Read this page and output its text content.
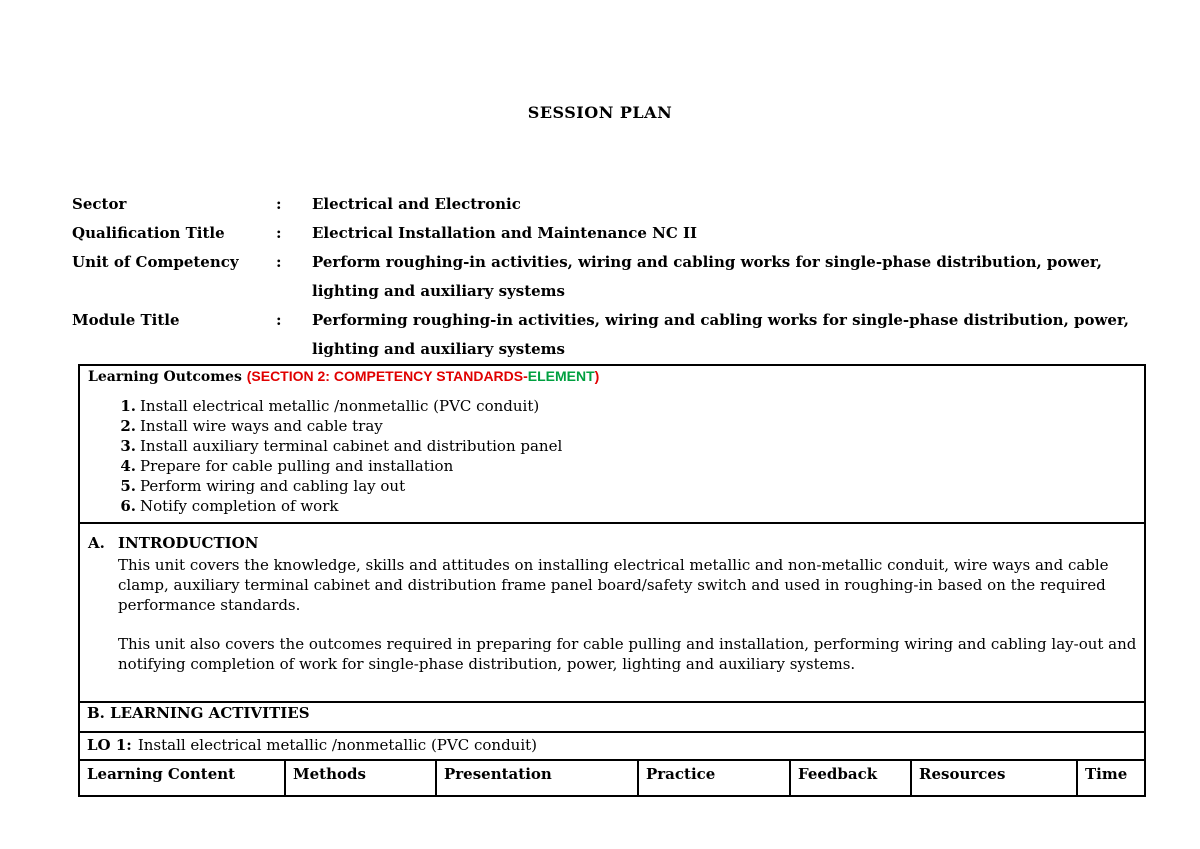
SESSION PLAN
Sector	:	Electrical and Electronic
Qualification Title	:	Electrical Installation and Maintenance NC II
Unit of Competency	:	Perform roughing-in activities, wiring and cabling works for single-phase distribution, power, lighting and auxiliary systems
Module Title	:	Performing roughing-in activities, wiring and cabling works for single-phase distribution, power, lighting and auxiliary systems
Learning Outcomes (SECTION 2: COMPETENCY STANDARDS-ELEMENT)
1. Install electrical metallic /nonmetallic (PVC conduit)
2. Install wire ways and cable tray
3. Install auxiliary terminal cabinet and distribution panel
4. Prepare for cable pulling and installation
5. Perform wiring and cabling lay out
6. Notify completion of work
A. INTRODUCTION

This unit covers the knowledge, skills and attitudes on installing electrical metallic and non-metallic conduit, wire ways and cable clamp, auxiliary terminal cabinet and distribution frame panel board/safety switch and used in roughing-in based on the required performance standards.

This unit also covers the outcomes required in preparing for cable pulling and installation, performing wiring and cabling lay-out and notifying completion of work for single-phase distribution, power, lighting and auxiliary systems.

B. LEARNING ACTIVITIES
LO 1: Install electrical metallic /nonmetallic (PVC conduit)
Learning Content	Methods	Presentation	Practice	Feedback	Resources	Time
